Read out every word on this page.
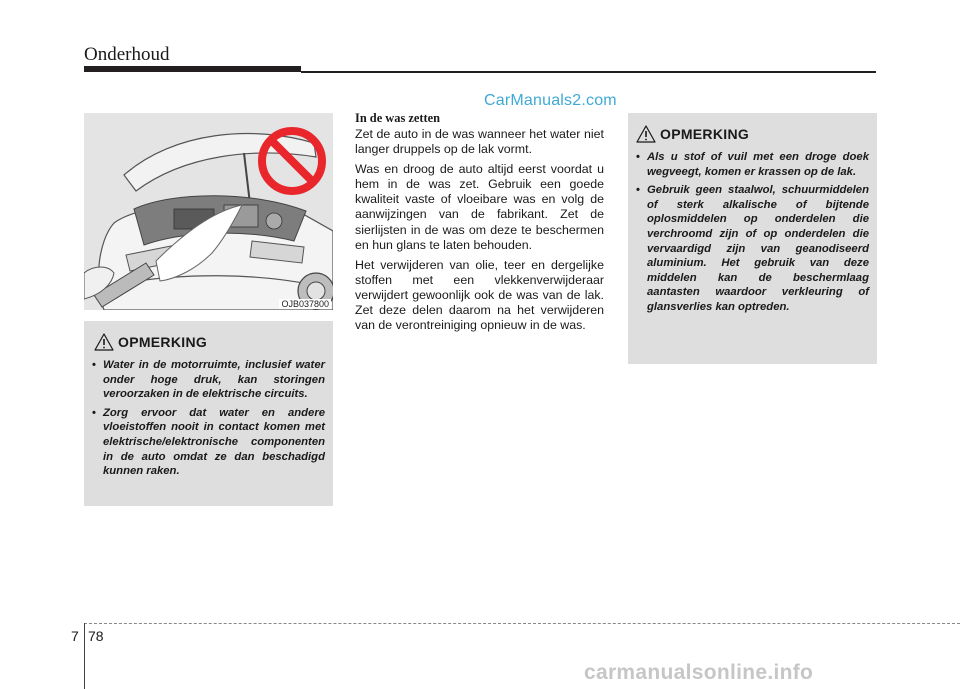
Onderhoud
CarManuals2.com
OJB037800
OPMERKING
• Water in de motorruimte, inclusief water onder hoge druk, kan storingen veroorzaken in de elektrische circuits.
• Zorg ervoor dat water en andere vloeistoffen nooit in contact komen met elektrische/elektronische componenten in de auto omdat ze dan beschadigd kunnen raken.
In de was zetten

Zet de auto in de was wanneer het water niet langer druppels op de lak vormt.

Was en droog de auto altijd eerst voordat u hem in de was zet. Gebruik een goede kwaliteit vaste of vloeibare was en volg de aanwijzingen van de fabrikant. Zet de sierlijsten in de was om deze te beschermen en hun glans te laten behouden.

Het verwijderen van olie, teer en dergelijke stoffen met een vlekkenverwijderaar verwijdert gewoonlijk ook de was van de lak. Zet deze delen daarom na het verwijderen van de verontreiniging opnieuw in de was.

OPMERKING
• Als u stof of vuil met een droge doek wegveegt, komen er krassen op de lak.
• Gebruik geen staalwol, schuurmiddelen of sterk alkalische of bijtende oplosmiddelen op onderdelen die verchroomd zijn of op onderdelen die vervaardigd zijn van geanodiseerd aluminium. Het gebruik van deze middelen kan de beschermlaag aantasten waardoor verkleuring of glansverlies kan optreden.
7 78
carmanualsonline.info
